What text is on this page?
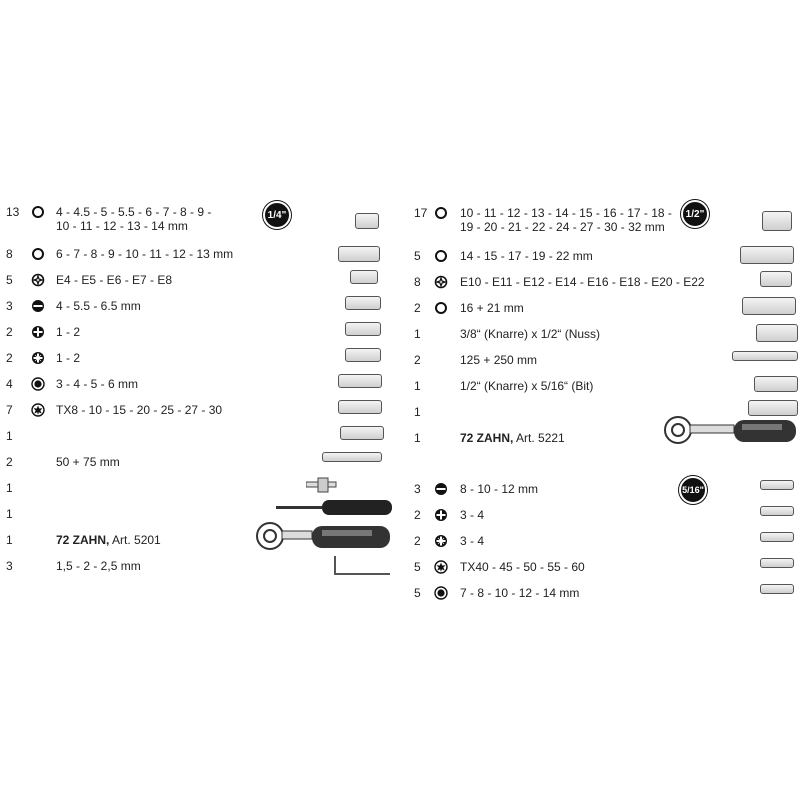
13	4 - 4.5 - 5 - 5.5 - 6 - 7 - 8 - 9 -
10 - 11 - 12 - 13 - 14 mm
8	6 - 7 - 8 - 9 - 10 - 11 - 12 - 13 mm
5	E4 - E5 - E6 - E7 - E8
3	4 - 5.5 - 6.5 mm
2	1 - 2
2	1 - 2
4	3 - 4 - 5 - 6 mm
7	TX8 - 10 - 15 - 20 - 25 - 27 - 30
1
2	50 + 75 mm
1
1
1	72 ZAHN, Art. 5201
3	1,5 - 2 - 2,5 mm
17	10 - 11 - 12 - 13 - 14 - 15 - 16 - 17 - 18 -
19 - 20 - 21 - 22 - 24 - 27 - 30 - 32 mm
5	14 - 15 - 17 - 19 - 22 mm
8	E10 - E11 - E12 - E14 - E16 - E18 - E20 - E22
2	16 + 21 mm
1	3/8“ (Knarre) x 1/2“ (Nuss)
2	125 + 250 mm
1	1/2“ (Knarre) x 5/16“ (Bit)
1
1	72 ZAHN, Art. 5221
3	8 - 10 - 12 mm
2	3 - 4
2	3 - 4
5	TX40 - 45 - 50 - 55 - 60
5	7 - 8 - 10 - 12 - 14 mm
1/4"	1/2"
5/16"
